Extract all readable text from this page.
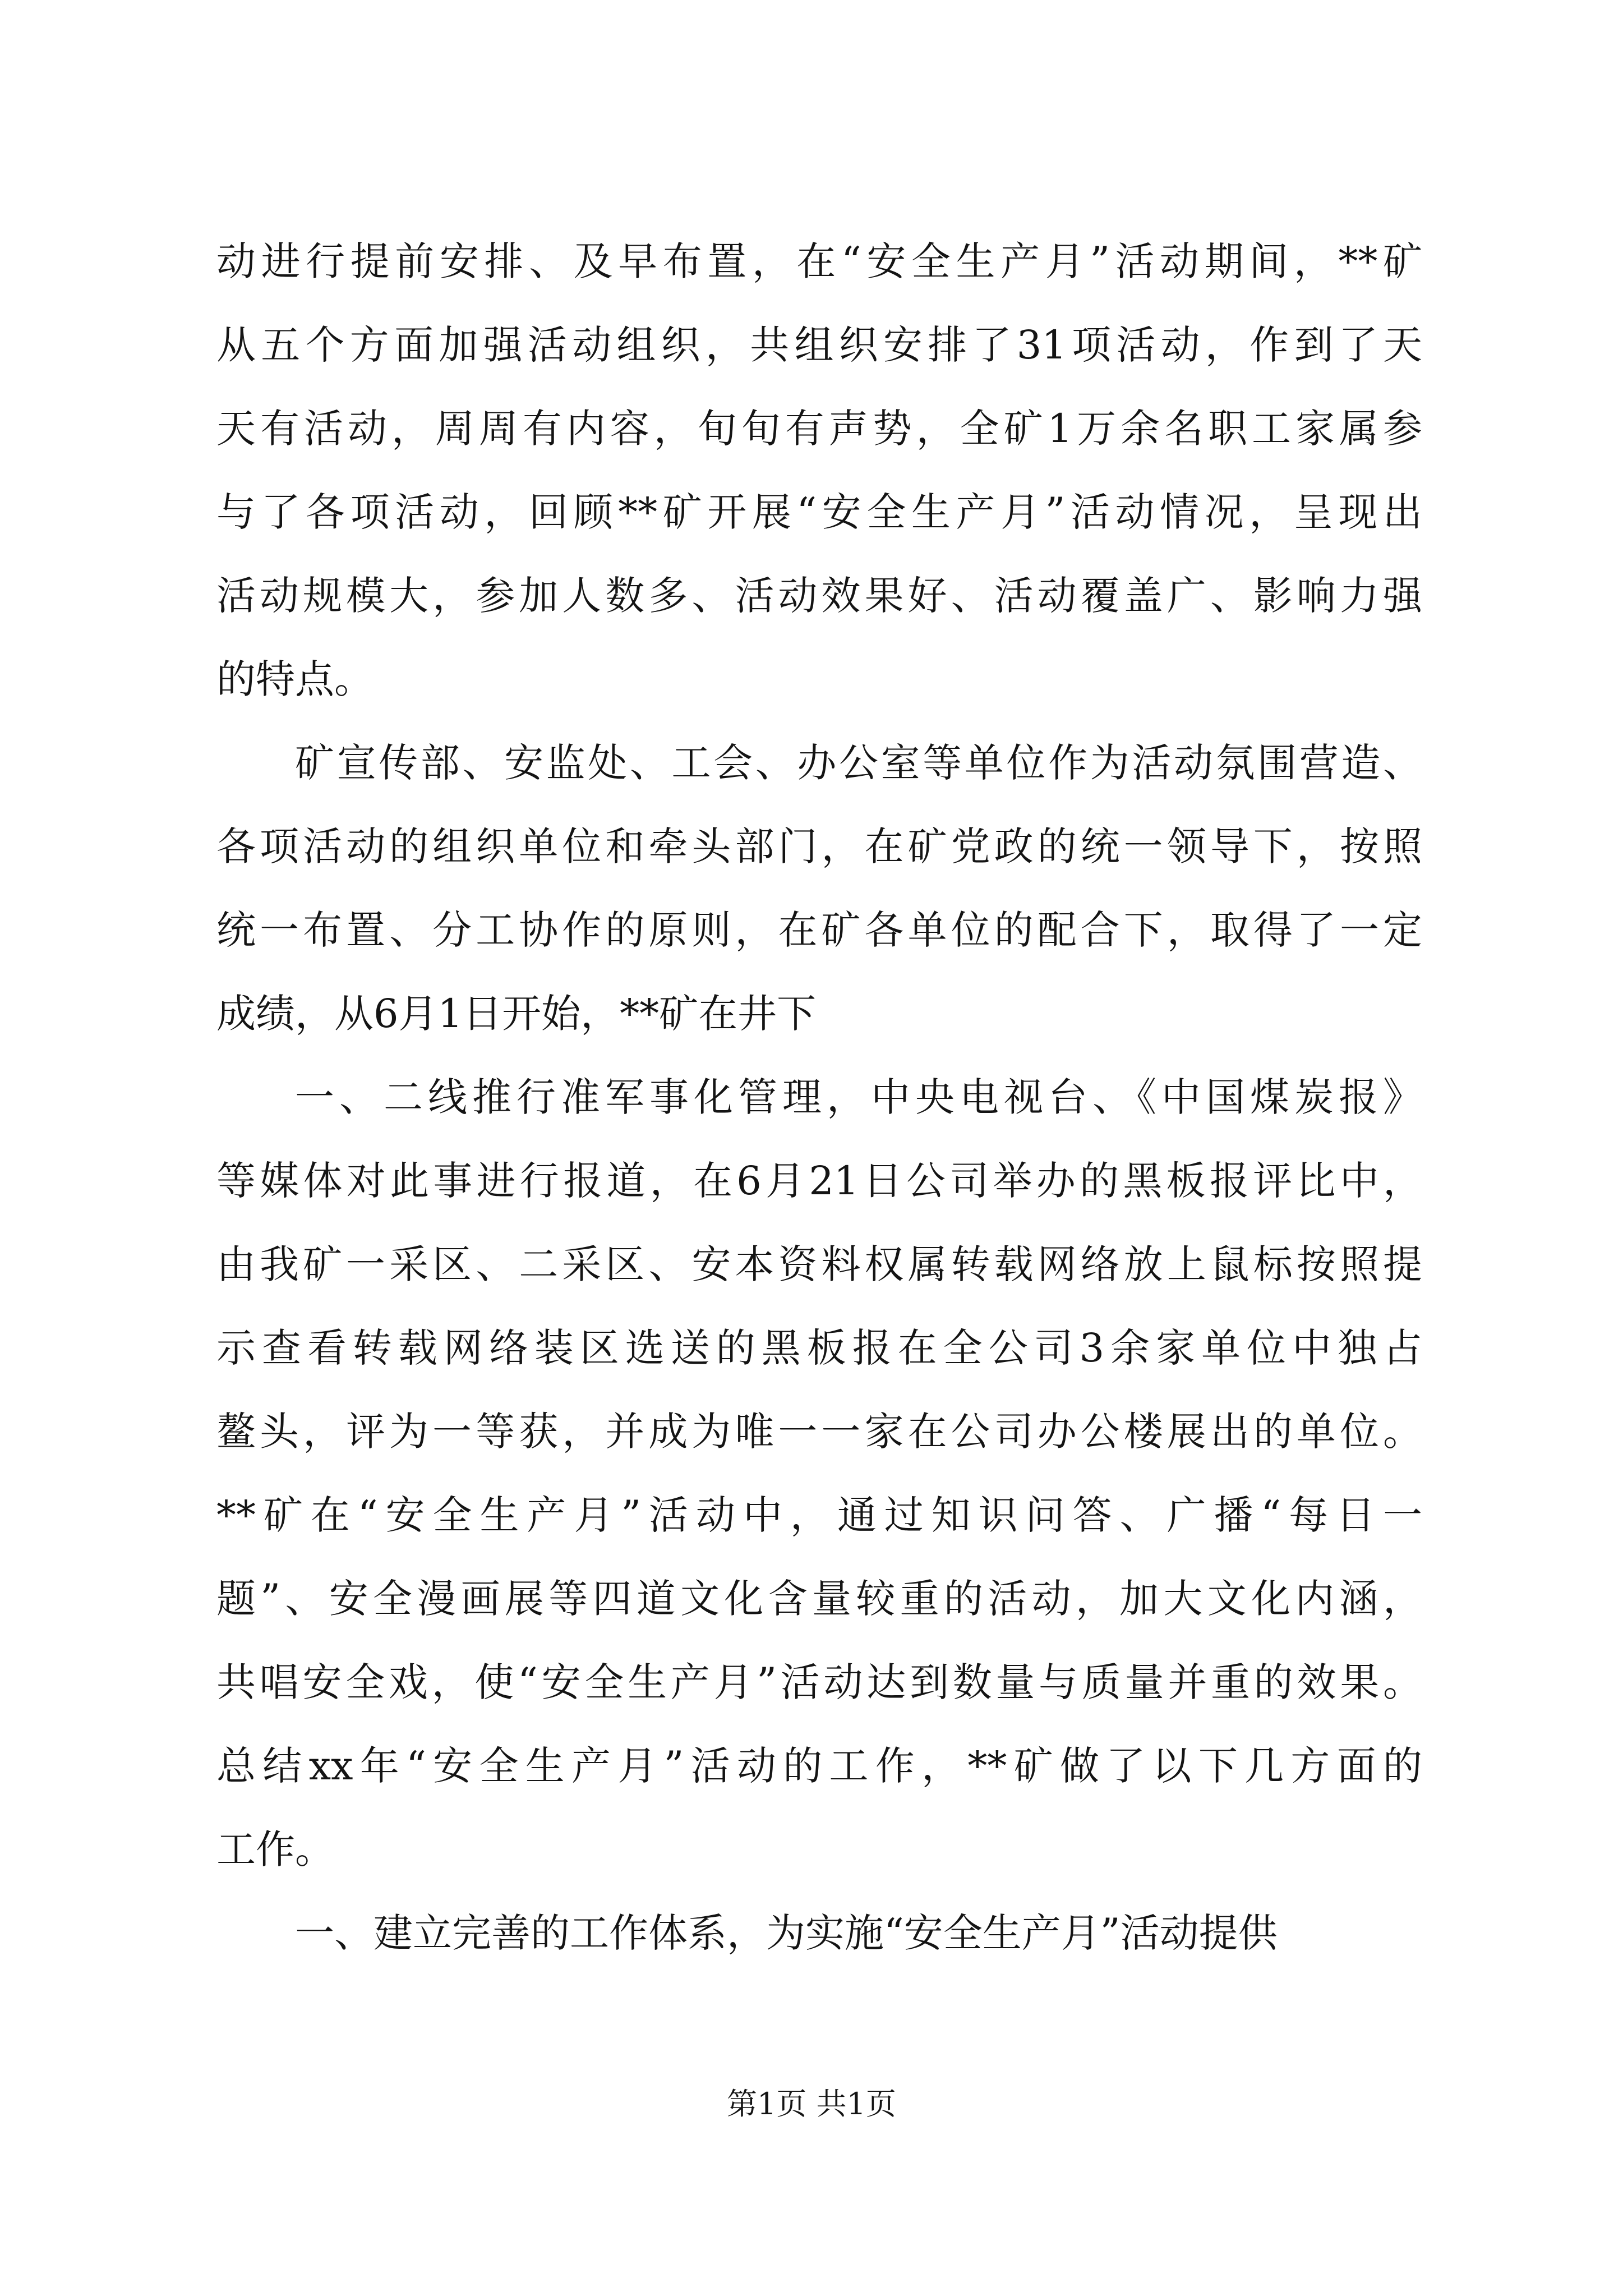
动进行提前安排、及早布置，在“安全生产月”活动期间，**矿
从五个方面加强活动组织，共组织安排了31项活动，作到了天
天有活动，周周有内容，旬旬有声势，全矿1万余名职工家属参
与了各项活动，回顾**矿开展“安全生产月”活动情况，呈现出
活动规模大，参加人数多、活动效果好、活动覆盖广、影响力强
的特点。
矿宣传部、安监处、工会、办公室等单位作为活动氛围营造、
各项活动的组织单位和牵头部门，在矿党政的统一领导下，按照
统一布置、分工协作的原则，在矿各单位的配合下，取得了一定
成绩，从6月1日开始，**矿在井下
一、二线推行准军事化管理，中央电视台、《中国煤炭报》
等媒体对此事进行报道，在6月21日公司举办的黑板报评比中，
由我矿一采区、二采区、安本资料权属转载网络放上鼠标按照提
示查看转载网络装区选送的黑板报在全公司3余家单位中独占
鳌头，评为一等获，并成为唯一一家在公司办公楼展出的单位。
**矿在“安全生产月”活动中，通过知识问答、广播“每日一
题”、安全漫画展等四道文化含量较重的活动，加大文化内涵，
共唱安全戏，使“安全生产月”活动达到数量与质量并重的效果。
总结xx年“安全生产月”活动的工作，**矿做了以下几方面的
工作。
一、建立完善的工作体系，为实施“安全生产月”活动提供
第1页 共1页
